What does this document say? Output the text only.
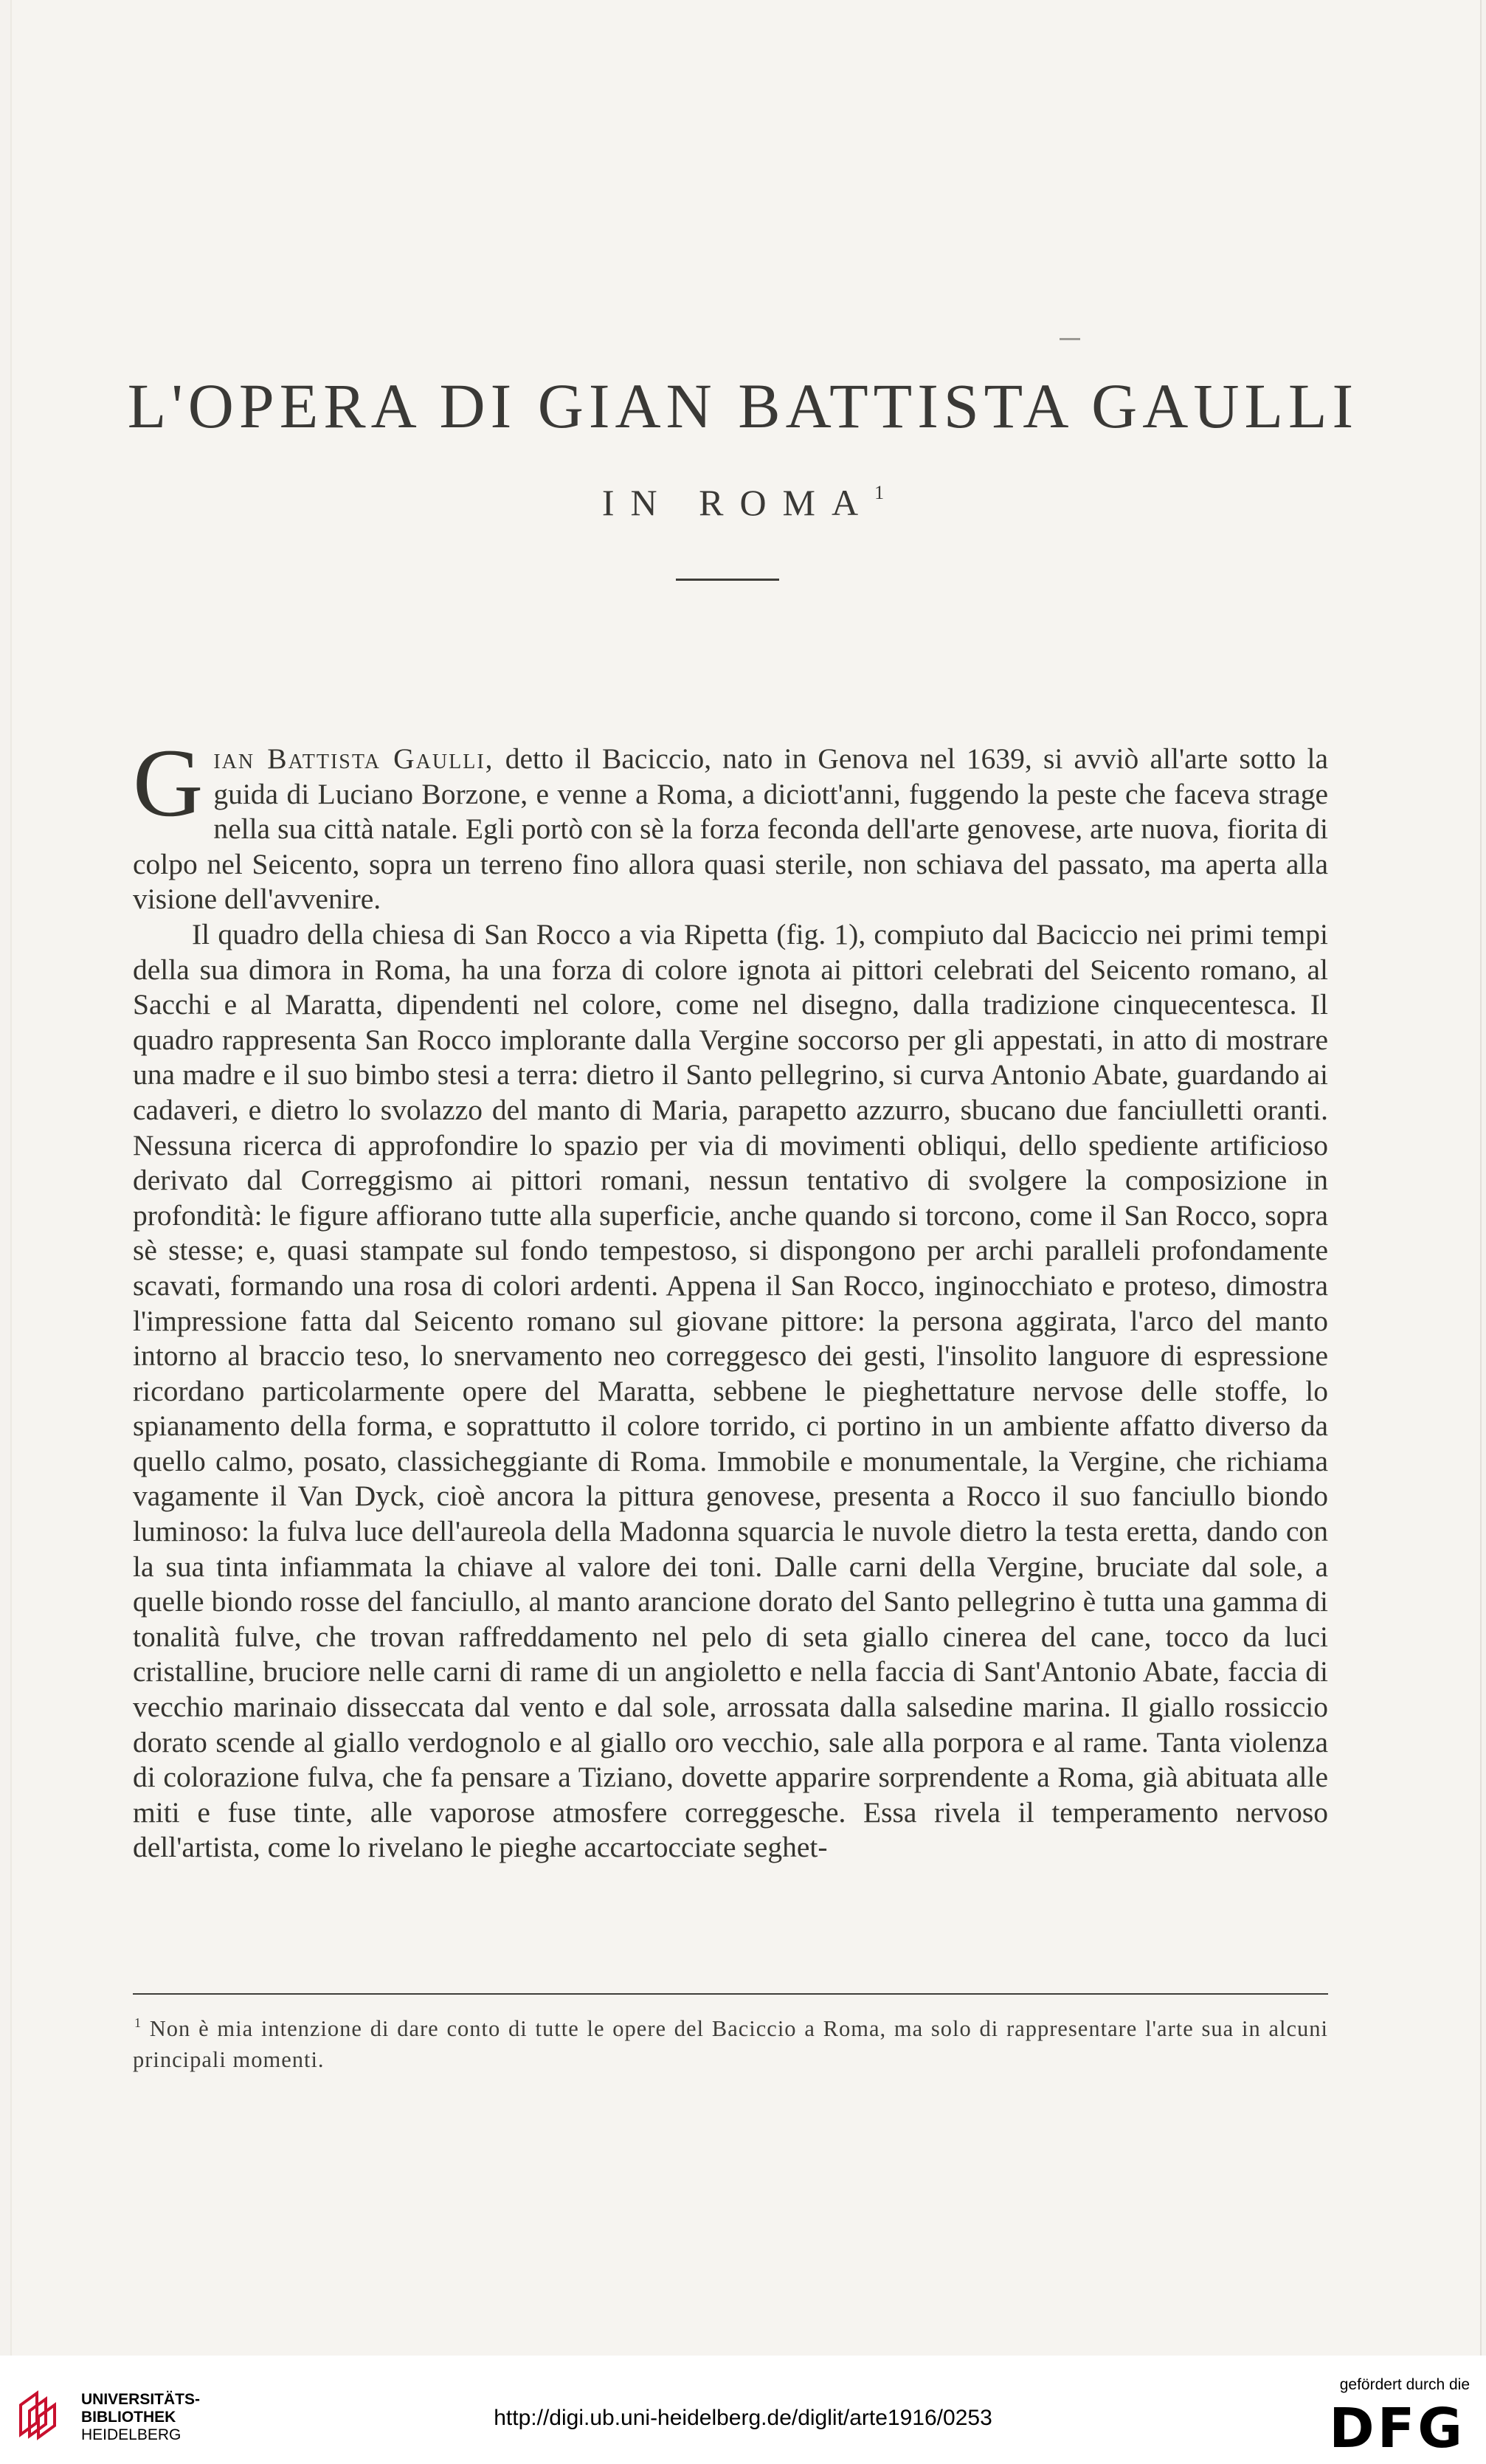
L'OPERA DI GIAN BATTISTA GAULLI
IN ROMA$^1$

Gian Battista Gaulli, detto il Baciccio, nato in Genova nel 1639, si avviò all'arte sotto la guida di Luciano Borzone, e venne a Roma, a diciott'anni, fuggendo la peste che faceva strage nella sua città natale. Egli portò con sè la forza feconda dell'arte genovese, arte nuova, fiorita di colpo nel Seicento, sopra un terreno fino allora quasi sterile, non schiava del passato, ma aperta alla visione dell'avvenire.

Il quadro della chiesa di San Rocco a via Ripetta (fig. 1), compiuto dal Baciccio nei primi tempi della sua dimora in Roma, ha una forza di colore ignota ai pittori celebrati del Seicento romano, al Sacchi e al Maratta, dipendenti nel colore, come nel disegno, dalla tradizione cinquecentesca. Il quadro rappresenta San Rocco implorante dalla Vergine soccorso per gli appestati, in atto di mostrare una madre e il suo bimbo stesi a terra: dietro il Santo pellegrino, si curva Antonio Abate, guardando ai cadaveri, e dietro lo svolazzo del manto di Maria, parapetto azzurro, sbucano due fanciulletti oranti. Nessuna ricerca di approfondire lo spazio per via di movimenti obliqui, dello spediente artificioso derivato dal Correggismo ai pittori romani, nessun tentativo di svolgere la composizione in profondità: le figure affiorano tutte alla superficie, anche quando si torcono, come il San Rocco, sopra sè stesse; e, quasi stampate sul fondo tempestoso, si dispongono per archi paralleli profondamente scavati, formando una rosa di colori ardenti. Appena il San Rocco, inginocchiato e proteso, dimostra l'impressione fatta dal Seicento romano sul giovane pittore: la persona aggirata, l'arco del manto intorno al braccio teso, lo snervamento neo correggesco dei gesti, l'insolito languore di espressione ricordano particolarmente opere del Maratta, sebbene le pieghettature nervose delle stoffe, lo spianamento della forma, e soprattutto il colore torrido, ci portino in un ambiente affatto diverso da quello calmo, posato, classicheggiante di Roma. Immobile e monumentale, la Vergine, che richiama vagamente il Van Dyck, cioè ancora la pittura genovese, presenta a Rocco il suo fanciullo biondo luminoso: la fulva luce dell'aureola della Madonna squarcia le nuvole dietro la testa eretta, dando con la sua tinta infiammata la chiave al valore dei toni. Dalle carni della Vergine, bruciate dal sole, a quelle biondo rosse del fanciullo, al manto arancione dorato del Santo pellegrino è tutta una gamma di tonalità fulve, che trovan raffreddamento nel pelo di seta giallo cinerea del cane, tocco da luci cristalline, bruciore nelle carni di rame di un angioletto e nella faccia di Sant'Antonio Abate, faccia di vecchio marinaio disseccata dal vento e dal sole, arrossata dalla salsedine marina. Il giallo rossiccio dorato scende al giallo verdognolo e al giallo oro vecchio, sale alla porpora e al rame. Tanta violenza di colorazione fulva, che fa pensare a Tiziano, dovette apparire sorprendente a Roma, già abituata alle miti e fuse tinte, alle vaporose atmosfere correggesche. Essa rivela il temperamento nervoso dell'artista, come lo rivelano le pieghe accartocciate seghet-

$^1$ Non è mia intenzione di dare conto di tutte le opere del Baciccio a Roma, ma solo di rappresentare l'arte sua in alcuni principali momenti.
UNIVERSITÄTS-
BIBLIOTHEK
HEIDELBERG
http://digi.ub.uni-heidelberg.de/diglit/arte1916/0253
gefördert durch die
DFG
